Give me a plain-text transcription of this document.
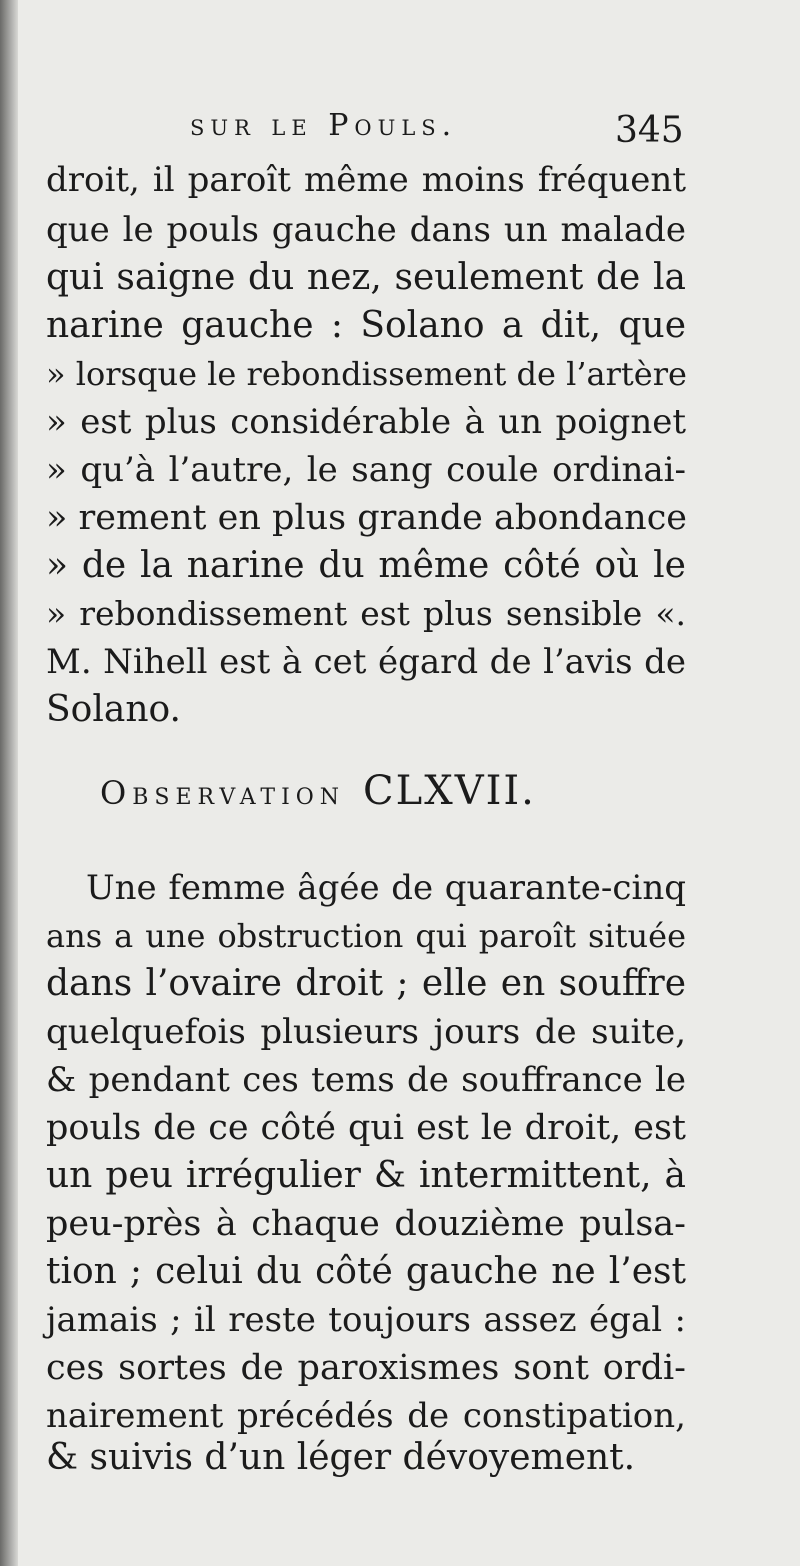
sur le Pouls.	345
droit, il paroît même moins fréquent
que le pouls gauche dans un malade
qui saigne du nez, seulement de la
narine gauche : Solano a dit, que
» lorsque le rebondissement de l’artère
» est plus considérable à un poignet
» qu’à l’autre, le sang coule ordinai-
» rement en plus grande abondance
» de la narine du même côté où le
» rebondissement est plus sensible «.
M. Nihell est à cet égard de l’avis de
Solano.
Observation CLXVII.
Une femme âgée de quarante-cinq
ans a une obstruction qui paroît située
dans l’ovaire droit ; elle en souffre
quelquefois plusieurs jours de suite,
& pendant ces tems de souffrance le
pouls de ce côté qui est le droit, est
un peu irrégulier & intermittent, à
peu-près à chaque douzième pulsa-
tion ; celui du côté gauche ne l’est
jamais ; il reste toujours assez égal :
ces sortes de paroxismes sont ordi-
nairement précédés de constipation,
& suivis d’un léger dévoyement.
